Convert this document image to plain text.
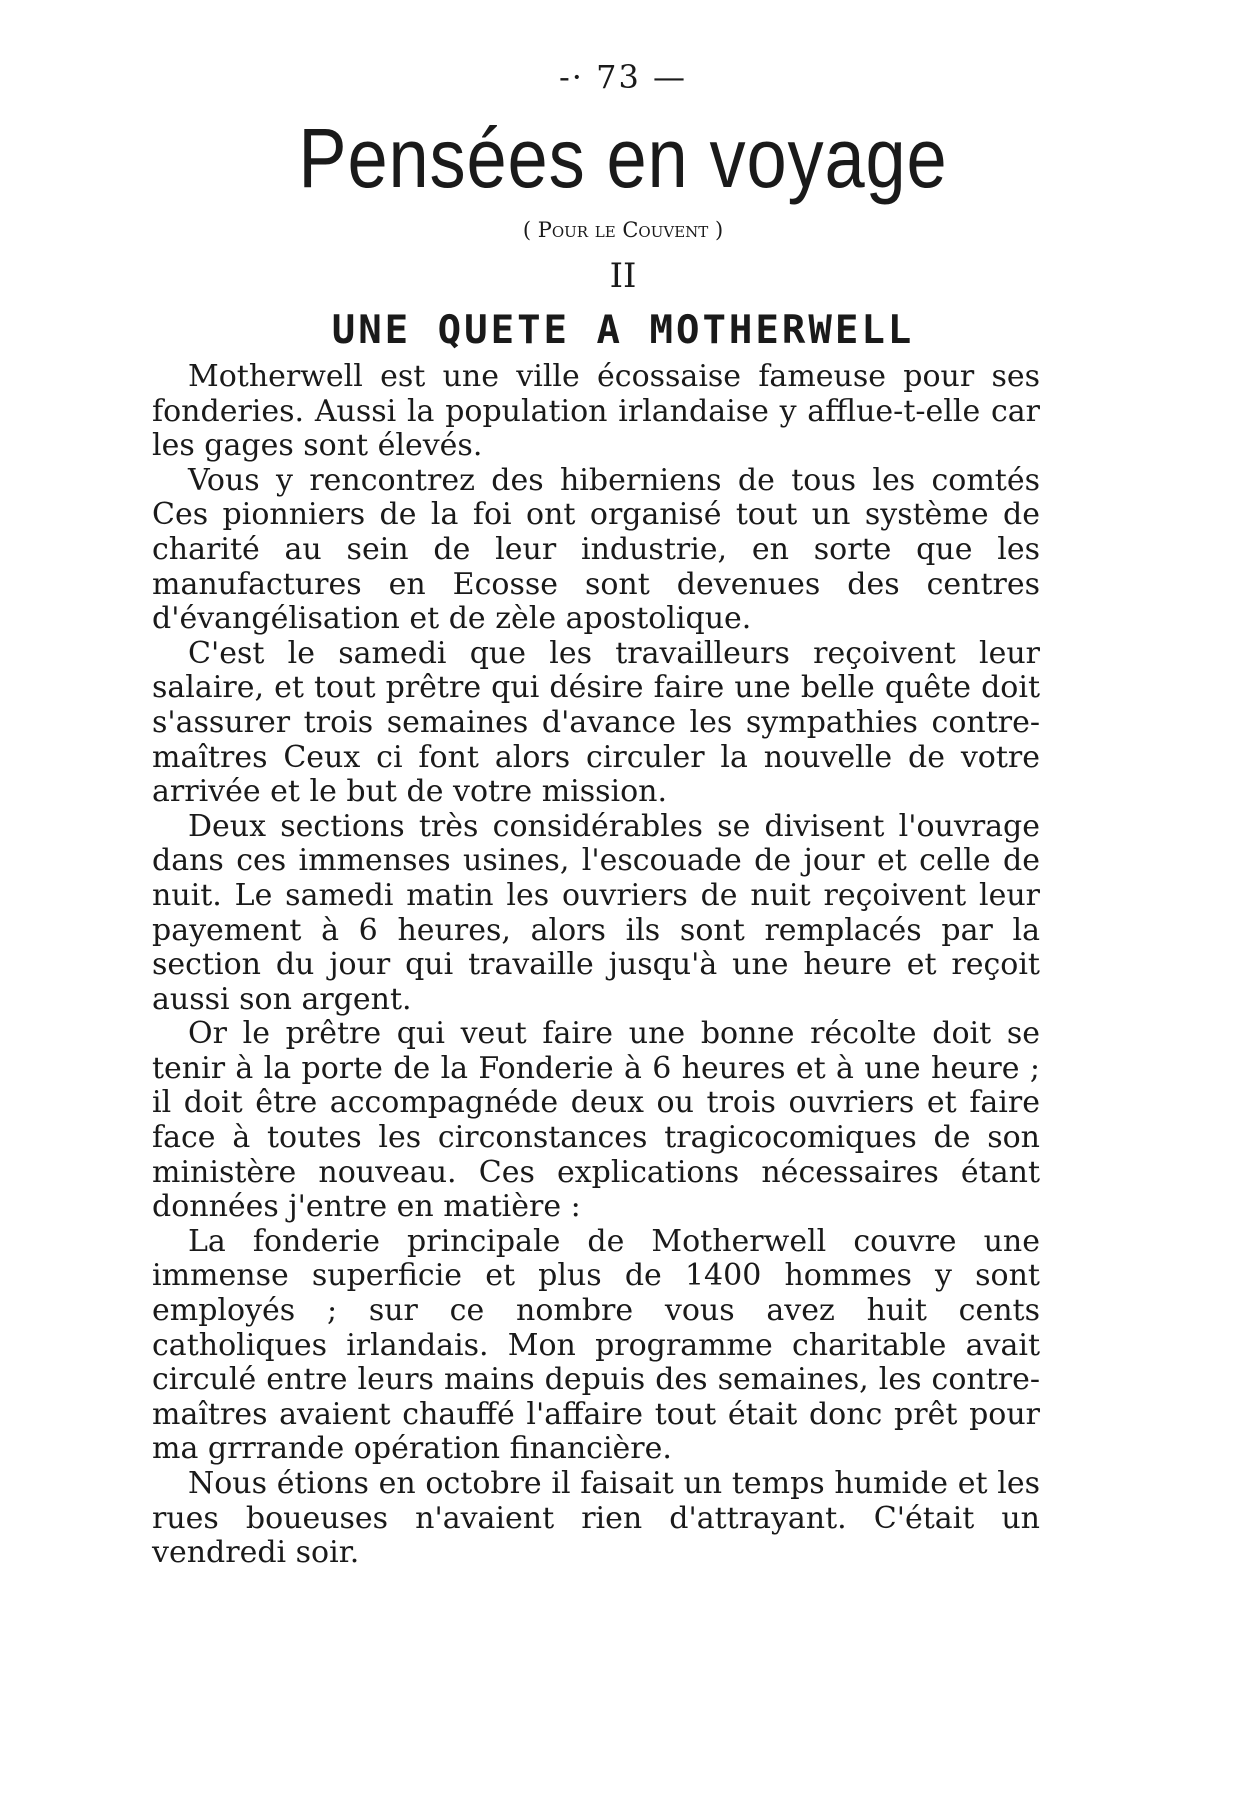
-· 73 —
Pensées en voyage
( Pour le Couvent )
II
UNE QUETE A MOTHERWELL

Motherwell est une ville écossaise fameuse pour ses fonderies. Aussi la population irlandaise y afflue-t-elle car les gages sont élevés.

Vous y rencontrez des hiberniens de tous les comtés Ces pionniers de la foi ont organisé tout un système de charité au sein de leur industrie, en sorte que les manufactures en Ecosse sont devenues des centres d'évangélisation et de zèle apostolique.

C'est le samedi que les travailleurs reçoivent leur salaire, et tout prêtre qui désire faire une belle quête doit s'assurer trois semaines d'avance les sympathies contre-maîtres Ceux ci font alors circuler la nouvelle de votre arrivée et le but de votre mission.

Deux sections très considérables se divisent l'ouvrage dans ces immenses usines, l'escouade de jour et celle de nuit. Le samedi matin les ouvriers de nuit reçoivent leur payement à 6 heures, alors ils sont remplacés par la section du jour qui travaille jusqu'à une heure et reçoit aussi son argent.

Or le prêtre qui veut faire une bonne récolte doit se tenir à la porte de la Fonderie à 6 heures et à une heure ; il doit être accompagnéde deux ou trois ouvriers et faire face à toutes les circonstances tragicocomiques de son ministère nouveau. Ces explications nécessaires étant données j'entre en matière :

La fonderie principale de Motherwell couvre une immense superficie et plus de 1400 hommes y sont employés ; sur ce nombre vous avez huit cents catholiques irlandais. Mon programme charitable avait circulé entre leurs mains depuis des semaines, les contre-maîtres avaient chauffé l'affaire tout était donc prêt pour ma grrrande opération financière.

Nous étions en octobre il faisait un temps humide et les rues boueuses n'avaient rien d'attrayant. C'était un vendredi soir.
